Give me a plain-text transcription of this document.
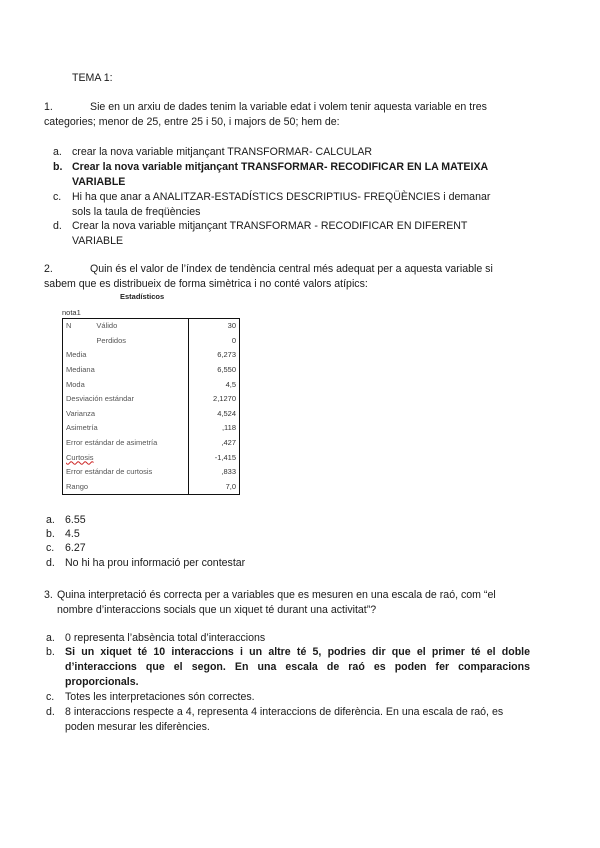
TEMA 1:
1.	Sie en un arxiu de dades tenim la variable edat i volem tenir aquesta variable en tres
categories; menor de 25, entre 25 i 50, i majors de 50; hem de:
a. crear la nova variable mitjançant TRANSFORMAR- CALCULAR
b. Crear la nova variable mitjançant TRANSFORMAR- RECODIFICAR EN LA MATEIXA VARIABLE
c.	Hi ha que anar a ANALITZAR-ESTADÍSTICS DESCRIPTIUS- FREQÜÈNCIES i demanar sols la taula de freqüències
d. Crear la nova variable mitjançant TRANSFORMAR - RECODIFICAR EN DIFERENT VARIABLE
2.	Quin és el valor de l’índex de tendència central més adequat per a aquesta variable si
sabem que es distribueix de forma simètrica i no conté valors atípics:
Estadísticos
nota1
N	Válido	30
	Perdidos	0
Media		6,273
Mediana		6,550
Moda		4,5
Desviación estándar		2,1270
Varianza		4,524
Asimetría		,118
Error estándar de asimetría		,427
Curtosis		-1,415
Error estándar de curtosis		,833
Rango		7,0
a. 6.55
b. 4.5
c.	6.27
d. No hi ha prou informació per contestar
3. Quina interpretació és correcta per a variables que es mesuren en una escala de raó, com “el nombre d’interaccions socials que un xiquet té durant una activitat”?
a. 0 representa l’absència total d’interaccions
b. Si un xiquet té 10 interaccions i un altre té 5, podries dir que el primer té el doble d’interaccions que el segon. En una escala de raó es poden fer comparacions proporcionals.
c.	Totes les interpretaciones són correctes.
d. 8 interaccions respecte a 4, representa 4 interaccions de diferència. En una escala de raó, es poden mesurar les diferències.
